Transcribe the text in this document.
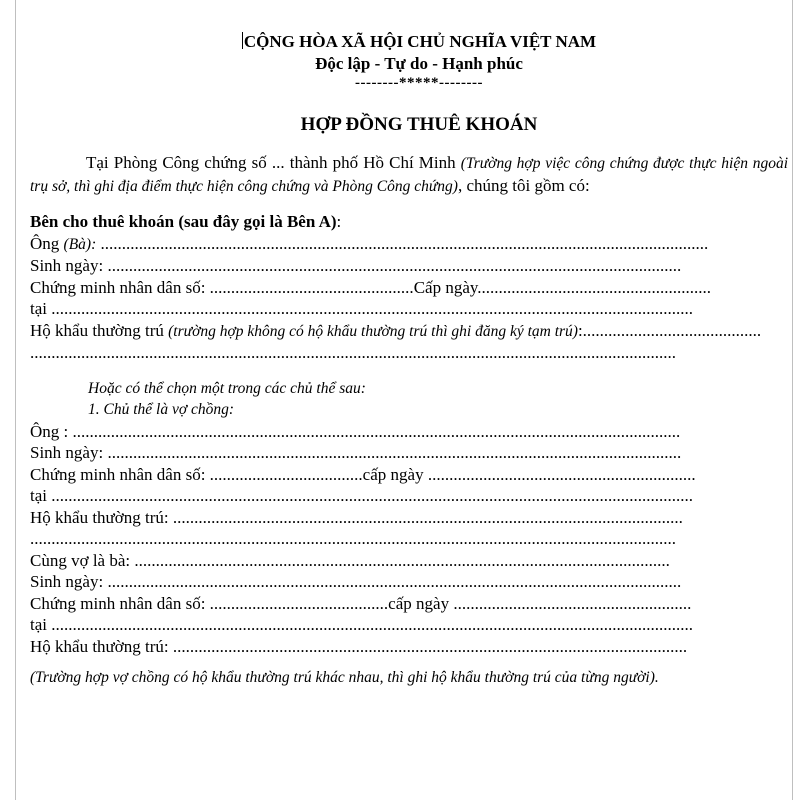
CỘNG HÒA XÃ HỘI CHỦ NGHĨA VIỆT NAM
Độc lập - Tự do - Hạnh phúc
--------*****--------
HỢP ĐỒNG THUÊ KHOÁN
Tại Phòng Công chứng số ... thành phố Hồ Chí Minh (Trường hợp việc công chứng được thực hiện ngoài trụ sở, thì ghi địa điểm thực hiện công chứng và Phòng Công chứng), chúng tôi gồm có:
Bên cho thuê khoán (sau đây gọi là Bên A):
Ông (Bà): ...............................................................................................................................................
Sinh ngày: .......................................................................................................................................
Chứng minh nhân dân số: ................................................Cấp ngày.......................................................
tại .......................................................................................................................................................
Hộ khẩu thường trú (trường hợp không có hộ khẩu thường trú thì ghi đăng ký tạm trú):..........................................
........................................................................................................................................................
Hoặc có thể chọn một trong các chủ thể sau:
1. Chủ thể là vợ chồng:
Ông : ...............................................................................................................................................
Sinh ngày: .......................................................................................................................................
Chứng minh nhân dân số: ....................................cấp ngày ...............................................................
tại .......................................................................................................................................................
Hộ khẩu thường trú: ........................................................................................................................
........................................................................................................................................................
Cùng vợ là bà: ..............................................................................................................................
Sinh ngày: .......................................................................................................................................
Chứng minh nhân dân số: ..........................................cấp ngày ........................................................
tại .......................................................................................................................................................
Hộ khẩu thường trú: .........................................................................................................................
(Trường hợp vợ chồng có hộ khẩu thường trú khác nhau, thì ghi hộ khẩu thường trú của từng người).
